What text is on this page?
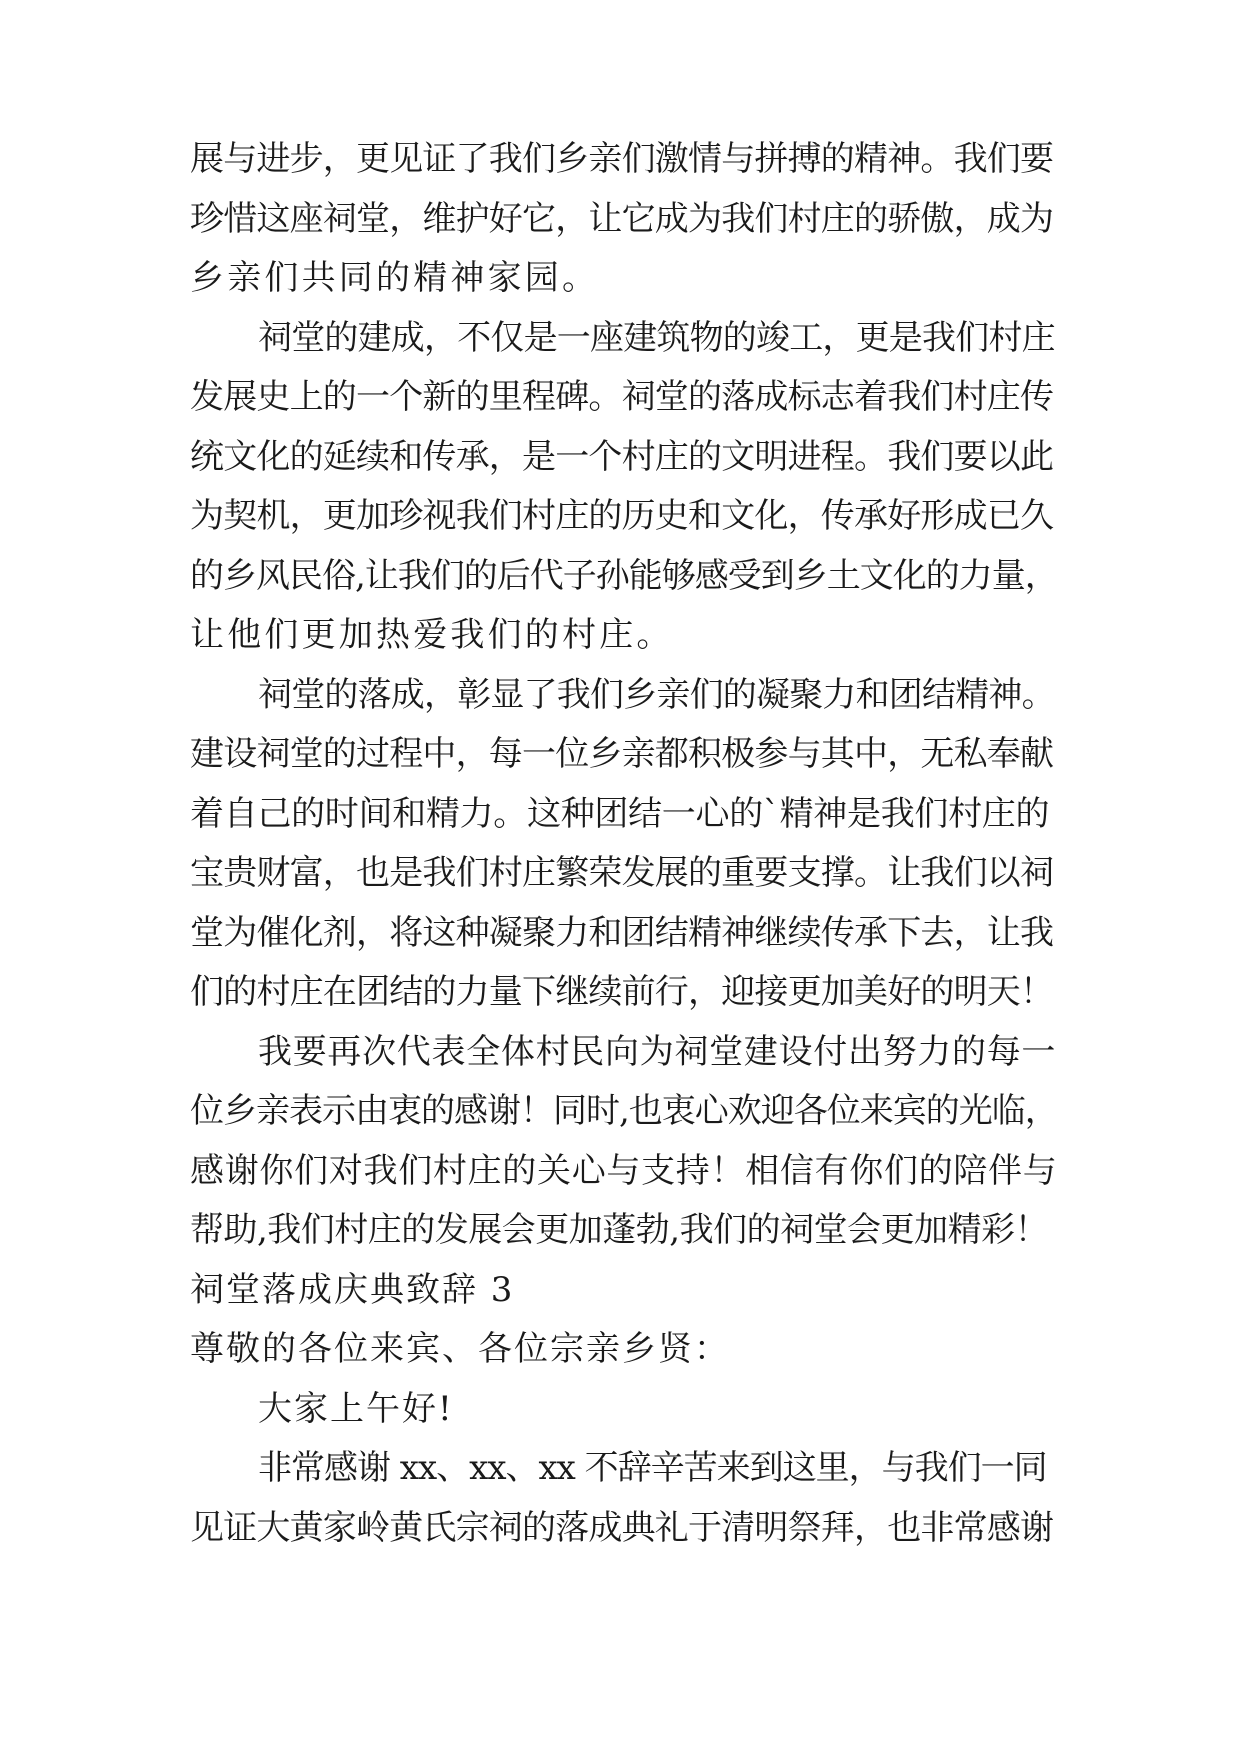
展与进步，更见证了我们乡亲们激情与拼搏的精神。我们要
珍惜这座祠堂，维护好它，让它成为我们村庄的骄傲，成为
乡亲们共同的精神家园。
祠堂的建成，不仅是一座建筑物的竣工，更是我们村庄
发展史上的一个新的里程碑。祠堂的落成标志着我们村庄传
统文化的延续和传承，是一个村庄的文明进程。我们要以此
为契机，更加珍视我们村庄的历史和文化，传承好形成已久
的乡风民俗,让我们的后代子孙能够感受到乡土文化的力量，
让他们更加热爱我们的村庄。
祠堂的落成，彰显了我们乡亲们的凝聚力和团结精神。
建设祠堂的过程中，每一位乡亲都积极参与其中，无私奉献
着自己的时间和精力。这种团结一心的`精神是我们村庄的
宝贵财富，也是我们村庄繁荣发展的重要支撑。让我们以祠
堂为催化剂，将这种凝聚力和团结精神继续传承下去，让我
们的村庄在团结的力量下继续前行，迎接更加美好的明天！
我要再次代表全体村民向为祠堂建设付出努力的每一
位乡亲表示由衷的感谢！同时,也衷心欢迎各位来宾的光临，
感谢你们对我们村庄的关心与支持！相信有你们的陪伴与
帮助,我们村庄的发展会更加蓬勃,我们的祠堂会更加精彩！
祠堂落成庆典致辞 3
尊敬的各位来宾、各位宗亲乡贤：
大家上午好!
非常感谢 xx、xx、xx 不辞辛苦来到这里，与我们一同
见证大黄家岭黄氏宗祠的落成典礼于清明祭拜，也非常感谢
